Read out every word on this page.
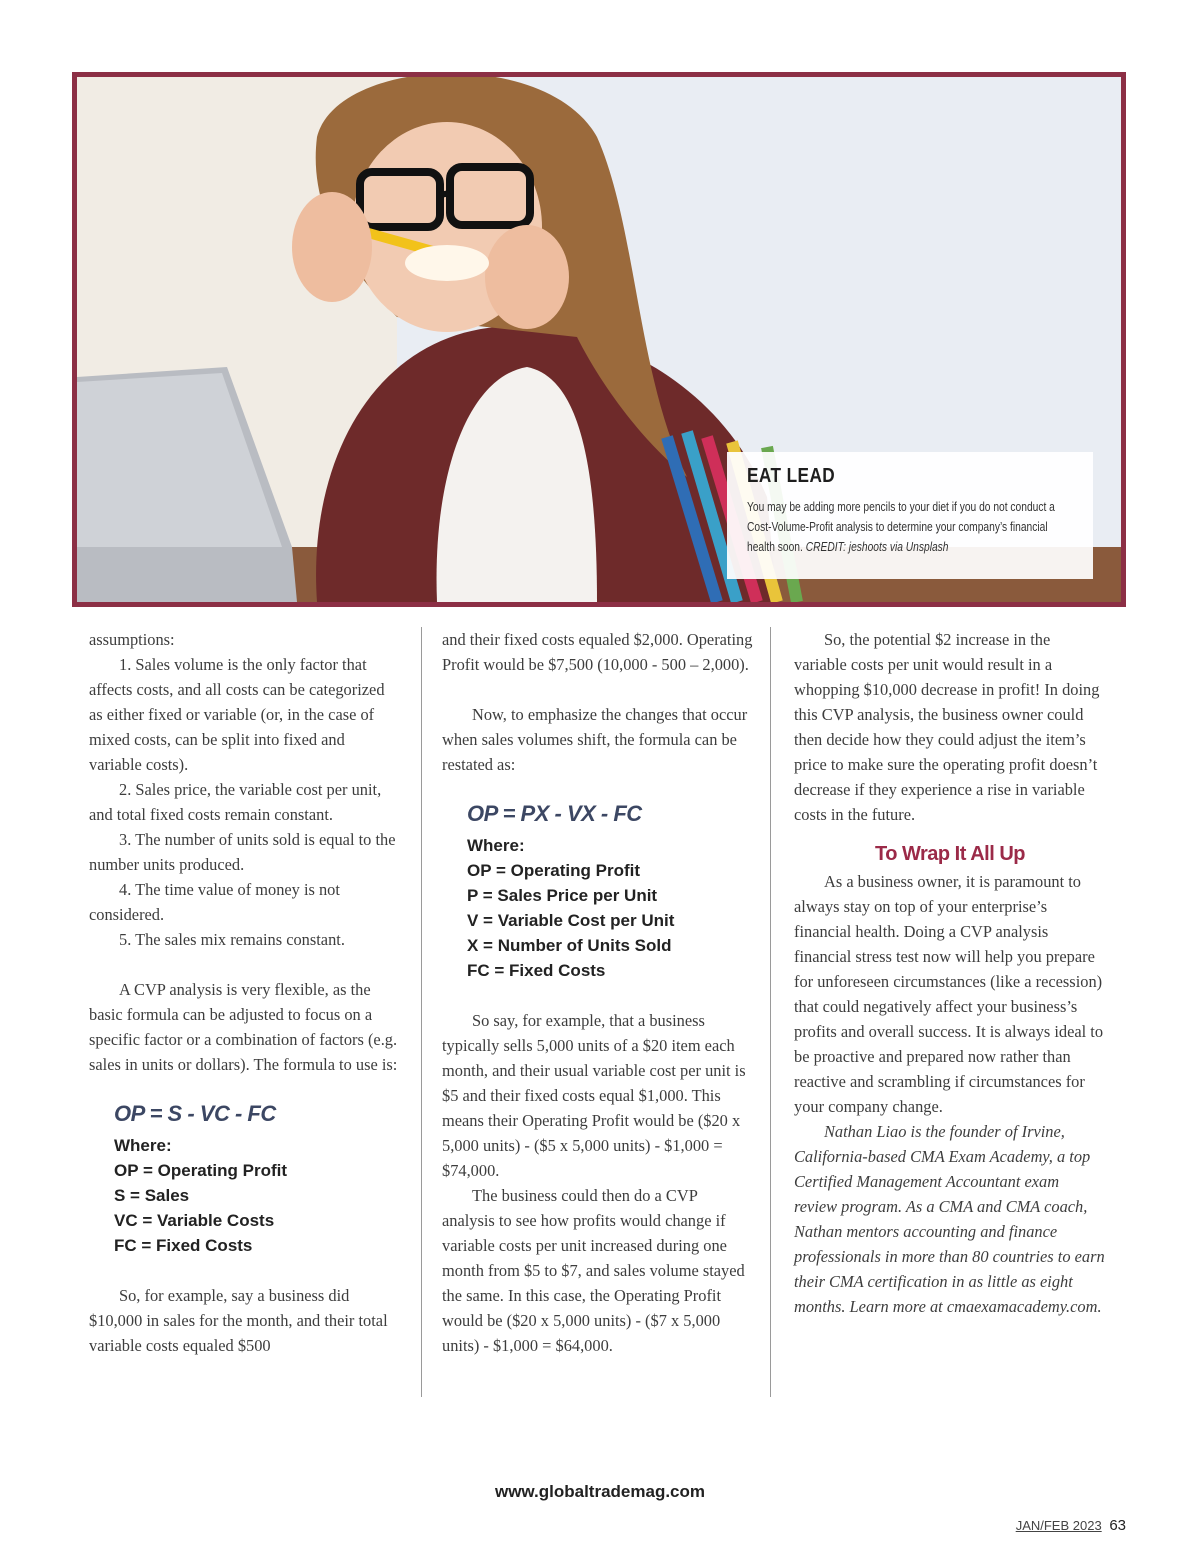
EAT LEAD
You may be adding more pencils to your diet if you do not conduct a Cost-Volume-Profit analysis to determine your company’s financial health soon. CREDIT: jeshoots via Unsplash

assumptions:

1. Sales volume is the only factor that affects costs, and all costs can be categorized as either fixed or variable (or, in the case of mixed costs, can be split into fixed and variable costs).

2. Sales price, the variable cost per unit, and total fixed costs remain constant.

3. The number of units sold is equal to the number units produced.

4. The time value of money is not considered.

5. The sales mix remains constant.

A CVP analysis is very flexible, as the basic formula can be adjusted to focus on a specific factor or a combination of factors (e.g. sales in units or dollars). The formula to use is:

OP = S - VC - FC
Where:
OP = Operating Profit
S = Sales
VC = Variable Costs
FC = Fixed Costs

So, for example, say a business did $10,000 in sales for the month, and their total variable costs equaled $500

and their fixed costs equaled $2,000. Operating Profit would be $7,500 (10,000 - 500 – 2,000).

Now, to emphasize the changes that occur when sales volumes shift, the formula can be restated as:

OP = PX - VX - FC
Where:
OP = Operating Profit
P = Sales Price per Unit
V = Variable Cost per Unit
X = Number of Units Sold
FC = Fixed Costs

So say, for example, that a business typically sells 5,000 units of a $20 item each month, and their usual variable cost per unit is $5 and their fixed costs equal $1,000. This means their Operating Profit would be ($20 x 5,000 units) - ($5 x 5,000 units) - $1,000 = $74,000.

The business could then do a CVP analysis to see how profits would change if variable costs per unit increased during one month from $5 to $7, and sales volume stayed the same. In this case, the Operating Profit would be ($20 x 5,000 units) - ($7 x 5,000 units) - $1,000 = $64,000.

So, the potential $2 increase in the variable costs per unit would result in a whopping $10,000 decrease in profit! In doing this CVP analysis, the business owner could then decide how they could adjust the item’s price to make sure the operating profit doesn’t decrease if they experience a rise in variable costs in the future.

To Wrap It All Up

As a business owner, it is paramount to always stay on top of your enterprise’s financial health. Doing a CVP analysis financial stress test now will help you prepare for unforeseen circumstances (like a recession) that could negatively affect your business’s profits and overall success. It is always ideal to be proactive and prepared now rather than reactive and scrambling if circumstances for your company change.

Nathan Liao is the founder of Irvine, California-based CMA Exam Academy, a top Certified Management Accountant exam review program. As a CMA and CMA coach, Nathan mentors accounting and finance professionals in more than 80 countries to earn their CMA certification in as little as eight months. Learn more at cmaexamacademy.com.

www.globaltrademag.com
JAN/FEB 2023 63
